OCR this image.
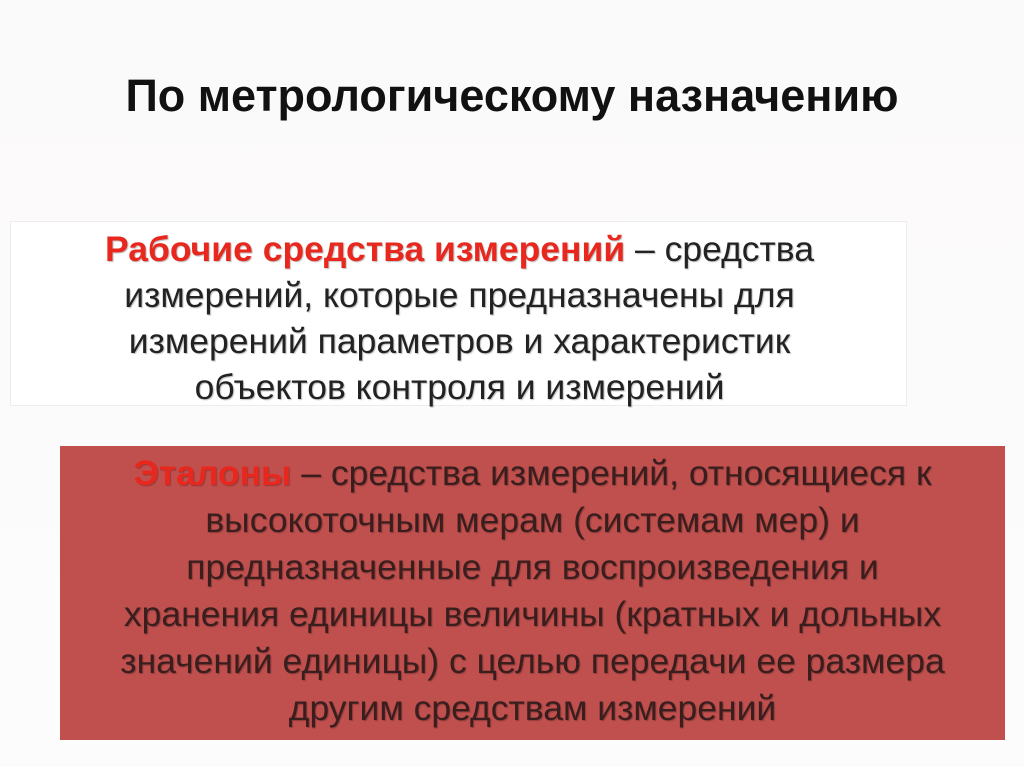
По метрологическому назначению
Рабочие средства измерений – средства
измерений, которые предназначены для
измерений параметров и характеристик
объектов контроля и измерений
Эталоны – средства измерений, относящиеся к
высокоточным мерам (системам мер) и
предназначенные для воспроизведения и
хранения единицы величины (кратных и дольных
значений единицы) с целью передачи ее размера
другим средствам измерений
